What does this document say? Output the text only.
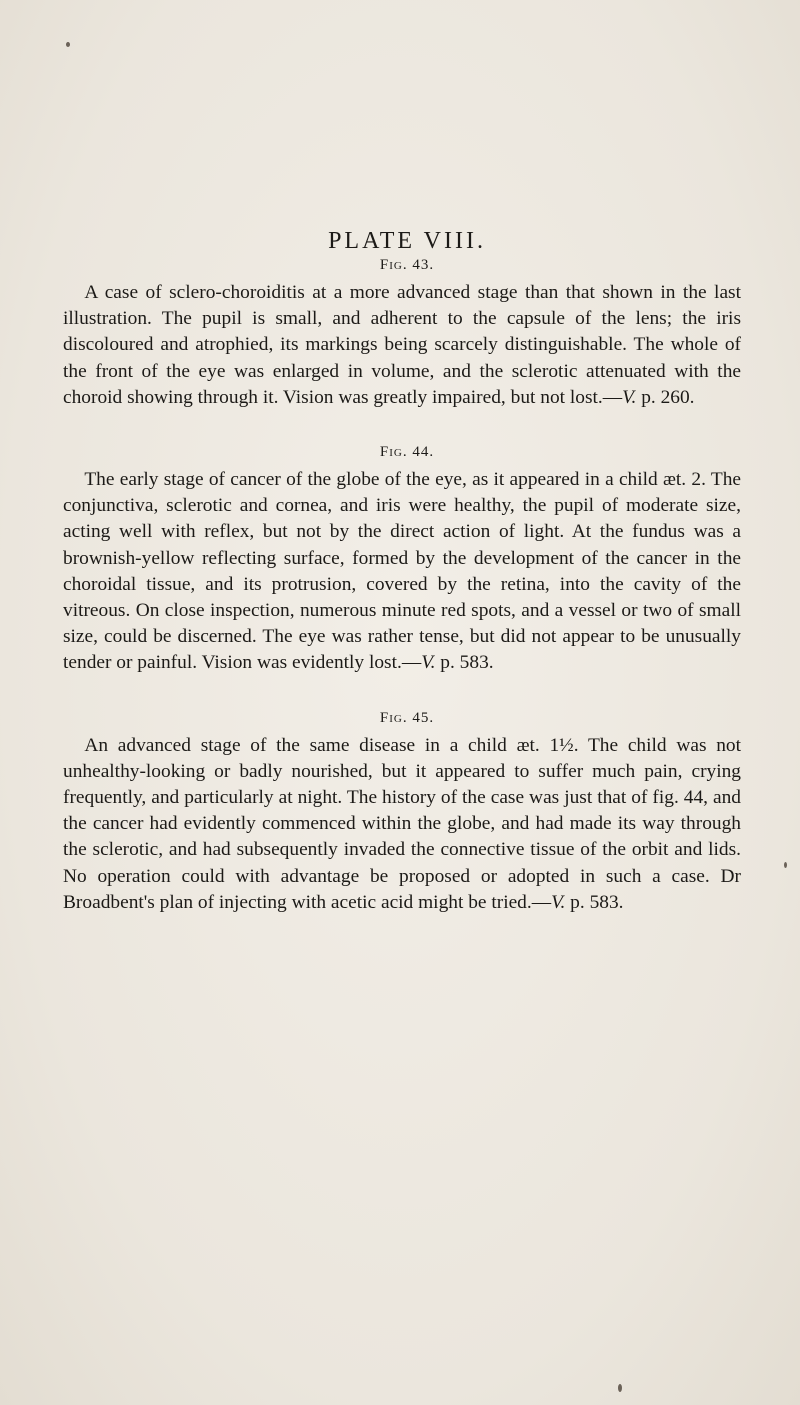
PLATE VIII.
Fig. 43.

A case of sclero-choroiditis at a more advanced stage than that shown in the last illustration. The pupil is small, and adherent to the capsule of the lens; the iris discoloured and atrophied, its markings being scarcely distinguishable. The whole of the front of the eye was enlarged in volume, and the sclerotic attenuated with the choroid showing through it. Vision was greatly impaired, but not lost.—V. p. 260.

Fig. 44.

The early stage of cancer of the globe of the eye, as it appeared in a child æt. 2. The conjunctiva, sclerotic and cornea, and iris were healthy, the pupil of moderate size, acting well with reflex, but not by the direct action of light. At the fundus was a brownish-yellow reflecting surface, formed by the development of the cancer in the choroidal tissue, and its protrusion, covered by the retina, into the cavity of the vitreous. On close inspection, numerous minute red spots, and a vessel or two of small size, could be discerned. The eye was rather tense, but did not appear to be unusually tender or painful. Vision was evidently lost.—V. p. 583.

Fig. 45.

An advanced stage of the same disease in a child æt. 1½. The child was not unhealthy-looking or badly nourished, but it appeared to suffer much pain, crying frequently, and particularly at night. The history of the case was just that of fig. 44, and the cancer had evidently commenced within the globe, and had made its way through the sclerotic, and had subsequently invaded the connective tissue of the orbit and lids. No operation could with advantage be proposed or adopted in such a case. Dr Broadbent's plan of injecting with acetic acid might be tried.—V. p. 583.
